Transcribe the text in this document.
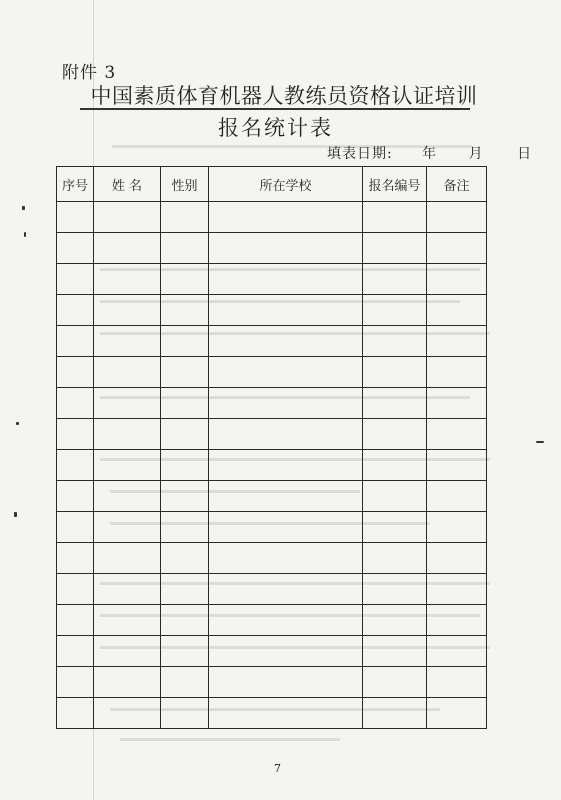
附件 3
中国素质体育机器人教练员资格认证培训
报名统计表
填表日期: 年 月 日
序号	姓 名	性别	所在学校	报名编号	备注

7
